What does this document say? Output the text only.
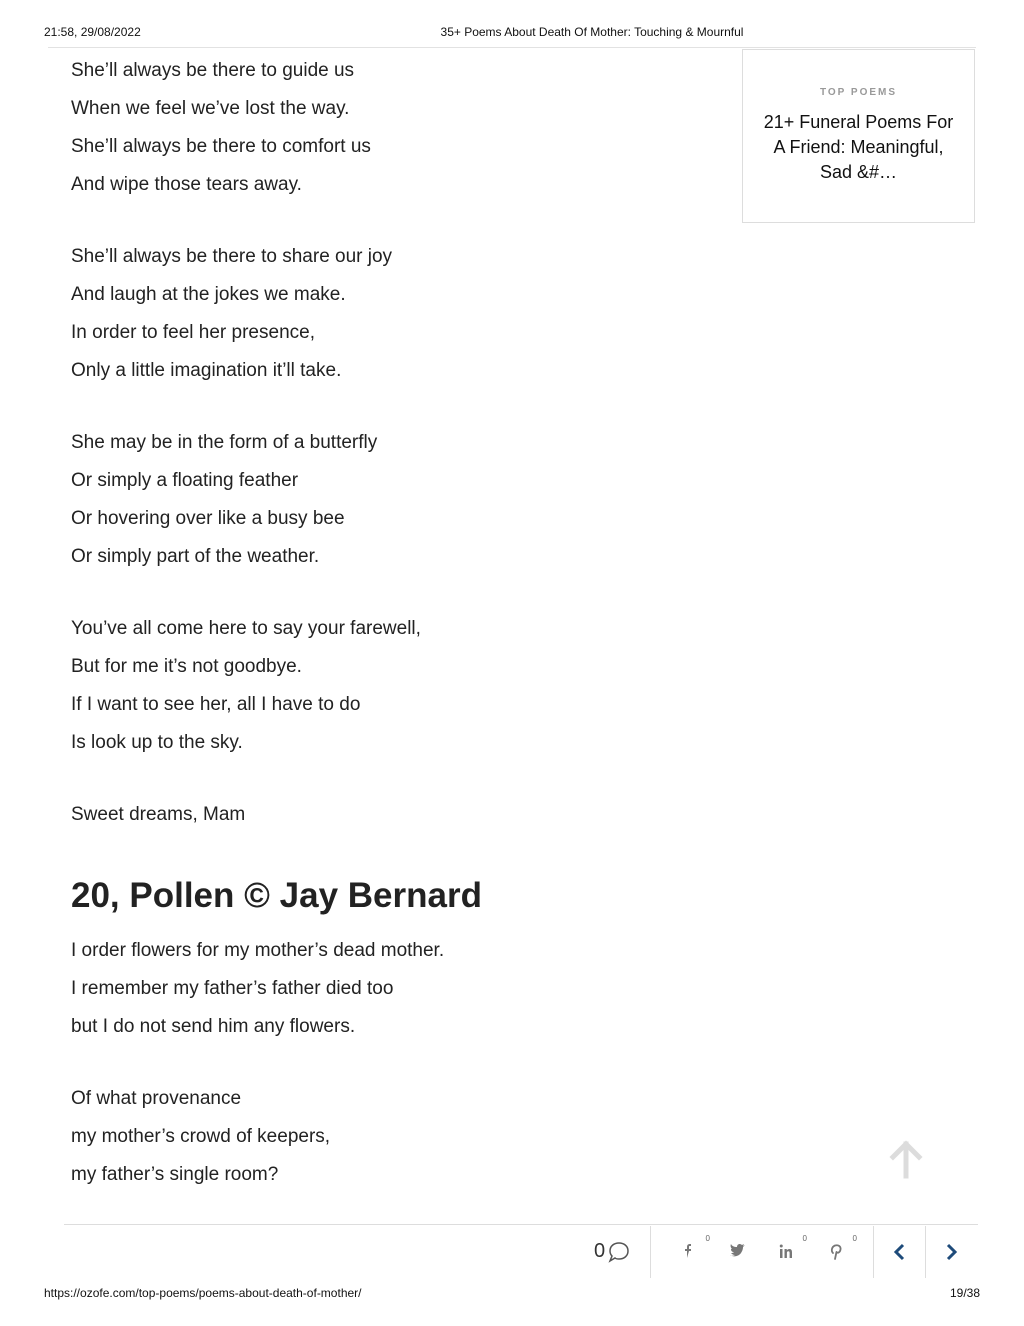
21:58, 29/08/2022	35+ Poems About Death Of Mother: Touching & Mournful
She’ll always be there to guide us
When we feel we’ve lost the way.
She’ll always be there to comfort us
And wipe those tears away.
She’ll always be there to share our joy
And laugh at the jokes we make.
In order to feel her presence,
Only a little imagination it’ll take.
She may be in the form of a butterfly
Or simply a floating feather
Or hovering over like a busy bee
Or simply part of the weather.
You’ve all come here to say your farewell,
But for me it’s not goodbye.
If I want to see her, all I have to do
Is look up to the sky.
Sweet dreams, Mam
20, Pollen © Jay Bernard
I order flowers for my mother’s dead mother.
I remember my father’s father died too
but I do not send him any flowers.
Of what provenance
my mother’s crowd of keepers,
my father’s single room?
TOP POEMS
21+ Funeral Poems For A Friend: Meaningful, Sad &#…
0
0	0	0
https://ozofe.com/top-poems/poems-about-death-of-mother/	19/38
